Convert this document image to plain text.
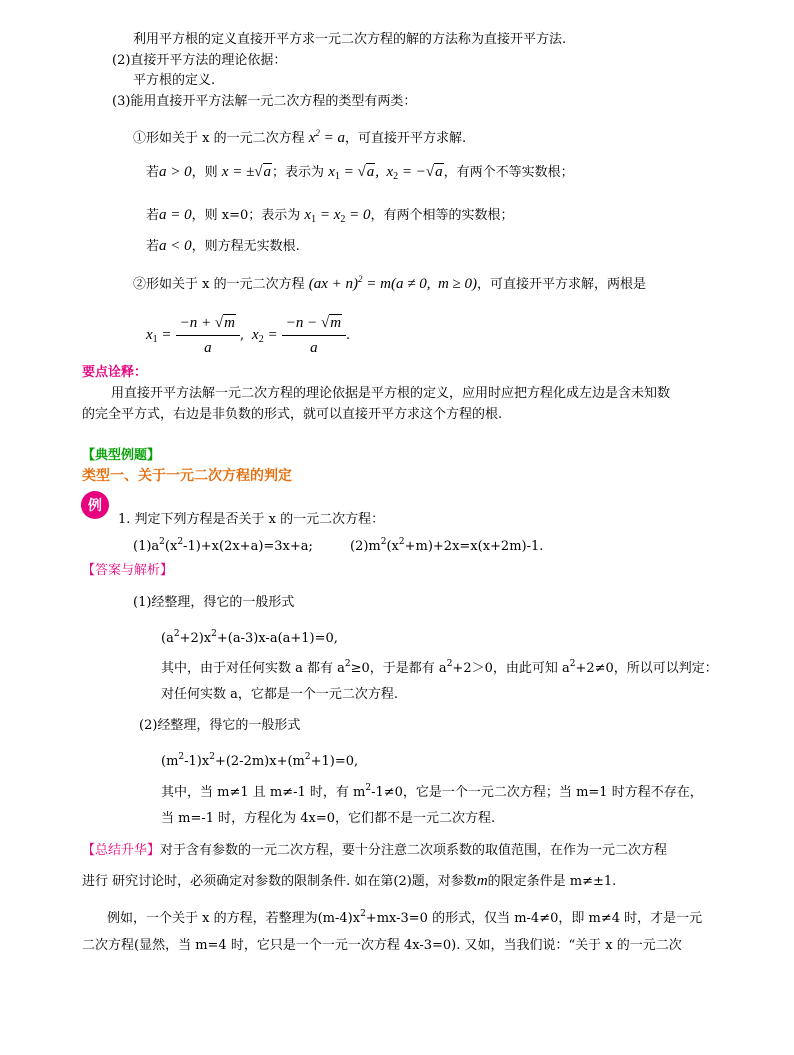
利用平方根的定义直接开平方求一元二次方程的解的方法称为直接开平方法.
(2)直接开平方法的理论依据：
平方根的定义.
(3)能用直接开平方法解一元二次方程的类型有两类：
①形如关于 x 的一元二次方程 $x^2 = a$，可直接开平方求解.
若a > 0，则 x = ±√a；表示为 $x_1 = √a$,  $x_2 = -√a$，有两个不等实数根；
若a = 0，则 x=0；表示为 $x_1 = x_2 = 0$，有两个相等的实数根；
若a < 0，则方程无实数根.
②形如关于 x 的一元二次方程 (ax + n)$^2$ = m(a ≠ 0,  m ≥ 0)，可直接开平方求解，两根是
$x_1 = \frac{-n + √m}{a}$ ,  $x_2 = \frac{-n - √m}{a}$ .
要点诠释：
用直接开平方法解一元二次方程的理论依据是平方根的定义，应用时应把方程化成左边是含未知数
的完全平方式，右边是非负数的形式，就可以直接开平方求这个方程的根.
【典型例题】
类型一、关于一元二次方程的判定
例
1. 判定下列方程是否关于 x 的一元二次方程：
$(1)a^2(x^2-1)+x(2x+a)=3x+a$;	$(2)m^2(x^2+m)+2x=x(x+2m)-1$.
【答案与解析】
(1)经整理，得它的一般形式
$(a^2+2)x^2+(a-3)x-a(a+1)=0$,
其中，由于对任何实数 a 都有 $a^2\ge 0$，于是都有 $a^2+2>0$，由此可知 $a^2+2\ne 0$，所以可以判定：
对任何实数 a，它都是一个一元二次方程.
(2)经整理，得它的一般形式
$(m^2-1)x^2+(2-2m)x+(m^2+1)=0$,
其中，当 m≠1 且 m≠-1 时，有 $m^2-1\ne 0$，它是一个一元二次方程；当 m=1 时方程不存在，
当 m=-1 时，方程化为 4x=0，它们都不是一元二次方程.
【总结升华】对于含有参数的一元二次方程，要十分注意二次项系数的取值范围，在作为一元二次方程
进行 研究讨论时，必须确定对参数的限制条件. 如在第(2)题，对参数m的限定条件是 m≠±1.
例如，一个关于 x 的方程，若整理为$(m-4)x^2+mx-3=0$ 的形式，仅当 m-4≠0，即 m≠4 时，才是一元
二次方程(显然，当 m=4 时，它只是一个一元一次方程 4x-3=0). 又如，当我们说：“关于 x 的一元二次
